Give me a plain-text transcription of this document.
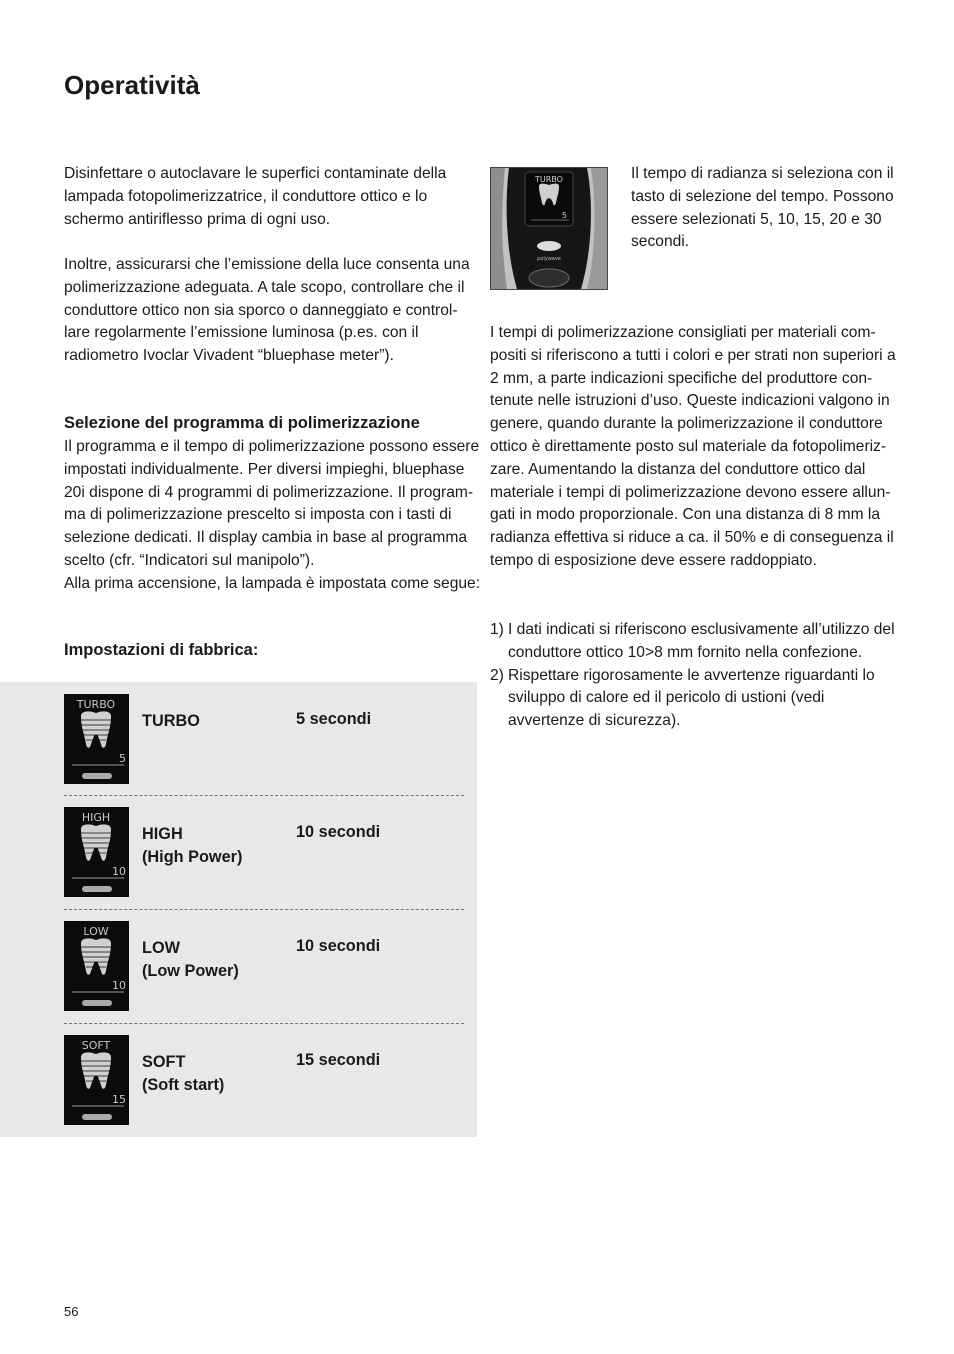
Operatività
Disinfettare o autoclavare le superfici contaminate della
lampada fotopolimerizzatrice, il conduttore ottico e lo
schermo antiriflesso prima di ogni uso.
Inoltre, assicurarsi che l’emissione della luce consenta una
polimerizzazione adeguata. A tale scopo, controllare che il
conduttore ottico non sia sporco o danneggiato e control-
lare regolarmente l’emissione luminosa (p.es. con il
radiometro Ivoclar Vivadent “bluephase meter”).
Selezione del programma di polimerizzazione
Il programma e il tempo di polimerizzazione possono essere
impostati individualmente. Per diversi impieghi, bluephase
20i dispone di 4 programmi di polimerizzazione. Il program-
ma di polimerizzazione prescelto si imposta con i tasti di
selezione dedicati. Il display cambia in base al programma
scelto (cfr. “Indicatori sul manipolo”).
Alla prima accensione, la lampada è impostata come segue:
Impostazioni di fabbrica:
TURBO
5
TURBO	5 secondi
HIGH
10
HIGH
(High Power)
10 secondi
LOW
10
LOW
(Low Power)
10 secondi
SOFT
15
SOFT
(Soft start)
15 secondi
TURBO
5
polywave
Il tempo di radianza si seleziona con il
tasto di selezione del tempo. Possono
essere selezionati 5, 10, 15, 20 e 30
secondi.
I tempi di polimerizzazione consigliati per materiali com-
positi si riferiscono a tutti i colori e per strati non superiori a
2 mm, a parte indicazioni specifiche del produttore con-
tenute nelle istruzioni d’uso. Queste indicazioni valgono in
genere, quando durante la polimerizzazione il conduttore
ottico è direttamente posto sul materiale da fotopolimeriz-
zare. Aumentando la distanza del conduttore ottico dal
materiale i tempi di polimerizzazione devono essere allun-
gati in modo proporzionale. Con una distanza di 8 mm la
radianza effettiva si riduce a ca. il 50% e di conseguenza il
tempo di esposizione deve essere raddoppiato.
1) I dati indicati si riferiscono esclusivamente all’utilizzo del
conduttore ottico 10>8 mm fornito nella confezione.
2) Rispettare rigorosamente le avvertenze riguardanti lo
sviluppo di calore ed il pericolo di ustioni (vedi
avvertenze di sicurezza).
56
